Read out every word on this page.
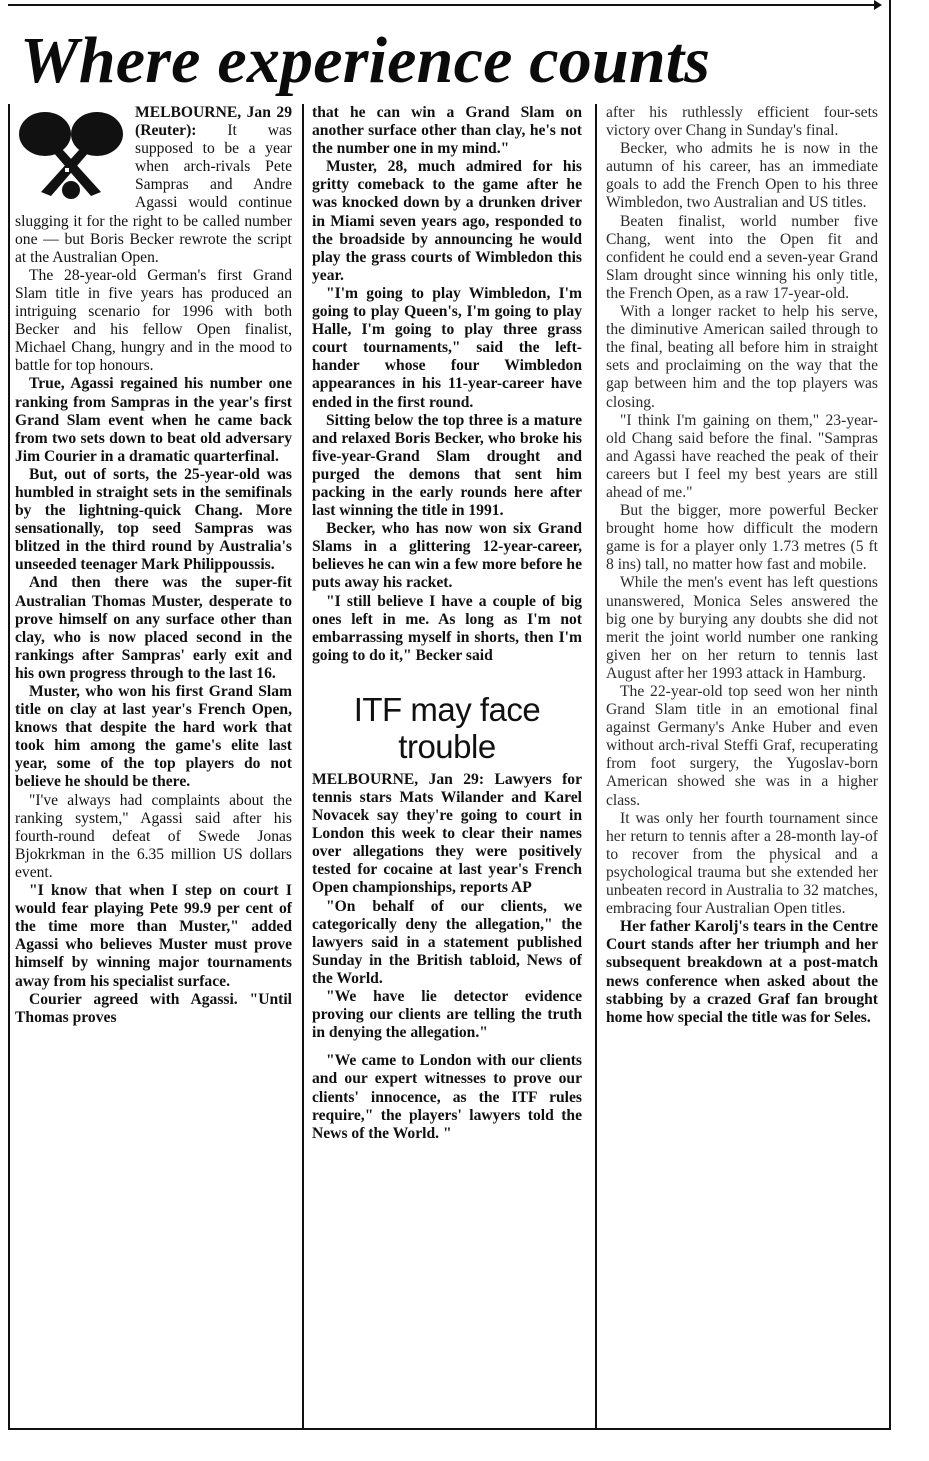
Where experience counts

MELBOURNE, Jan 29 (Reuter): It was supposed to be a year when arch-rivals Pete Sampras and Andre Agassi would continue slugging it for the right to be called number one — but Boris Becker rewrote the script at the Australian Open.

The 28-year-old German's first Grand Slam title in five years has produced an intriguing scenario for 1996 with both Becker and his fellow Open finalist, Michael Chang, hungry and in the mood to battle for top honours.

True, Agassi regained his number one ranking from Sampras in the year's first Grand Slam event when he came back from two sets down to beat old adversary Jim Courier in a dramatic quarterfinal.

But, out of sorts, the 25-year-old was humbled in straight sets in the semifinals by the lightning-quick Chang. More sensationally, top seed Sampras was blitzed in the third round by Australia's unseeded teenager Mark Philippoussis.

And then there was the super-fit Australian Thomas Muster, desperate to prove himself on any surface other than clay, who is now placed second in the rankings after Sampras' early exit and his own progress through to the last 16.

Muster, who won his first Grand Slam title on clay at last year's French Open, knows that despite the hard work that took him among the game's elite last year, some of the top players do not believe he should be there.

"I've always had complaints about the ranking system," Agassi said after his fourth-round defeat of Swede Jonas Bjokrkman in the 6.35 million US dollars event.

"I know that when I step on court I would fear playing Pete 99.9 per cent of the time more than Muster," added Agassi who believes Muster must prove himself by winning major tournaments away from his specialist surface.

Courier agreed with Agassi. "Until Thomas proves

that he can win a Grand Slam on another surface other than clay, he's not the number one in my mind."

Muster, 28, much admired for his gritty comeback to the game after he was knocked down by a drunken driver in Miami seven years ago, responded to the broadside by announcing he would play the grass courts of Wimbledon this year.

"I'm going to play Wimbledon, I'm going to play Queen's, I'm going to play Halle, I'm going to play three grass court tournaments," said the left-hander whose four Wimbledon appearances in his 11-year-career have ended in the first round.

Sitting below the top three is a mature and relaxed Boris Becker, who broke his five-year-Grand Slam drought and purged the demons that sent him packing in the early rounds here after last winning the title in 1991.

Becker, who has now won six Grand Slams in a glittering 12-year-career, believes he can win a few more before he puts away his racket.

"I still believe I have a couple of big ones left in me. As long as I'm not embarrassing myself in shorts, then I'm going to do it," Becker said

ITF may face trouble

MELBOURNE, Jan 29: Lawyers for tennis stars Mats Wilander and Karel Novacek say they're going to court in London this week to clear their names over allegations they were positively tested for cocaine at last year's French Open championships, reports AP

"On behalf of our clients, we categorically deny the allegation," the lawyers said in a statement published Sunday in the British tabloid, News of the World.

"We have lie detector evidence proving our clients are telling the truth in denying the allegation."

"We came to London with our clients and our expert witnesses to prove our clients' innocence, as the ITF rules require," the players' lawyers told the News of the World. "

after his ruthlessly efficient four-sets victory over Chang in Sunday's final.

Becker, who admits he is now in the autumn of his career, has an immediate goals to add the French Open to his three Wimbledon, two Australian and US titles.

Beaten finalist, world number five Chang, went into the Open fit and confident he could end a seven-year Grand Slam drought since winning his only title, the French Open, as a raw 17-year-old.

With a longer racket to help his serve, the diminutive American sailed through to the final, beating all before him in straight sets and proclaiming on the way that the gap between him and the top players was closing.

"I think I'm gaining on them," 23-year-old Chang said before the final. "Sampras and Agassi have reached the peak of their careers but I feel my best years are still ahead of me."

But the bigger, more powerful Becker brought home how difficult the modern game is for a player only 1.73 metres (5 ft 8 ins) tall, no matter how fast and mobile.

While the men's event has left questions unanswered, Monica Seles answered the big one by burying any doubts she did not merit the joint world number one ranking given her on her return to tennis last August after her 1993 attack in Hamburg.

The 22-year-old top seed won her ninth Grand Slam title in an emotional final against Germany's Anke Huber and even without arch-rival Steffi Graf, recuperating from foot surgery, the Yugoslav-born American showed she was in a higher class.

It was only her fourth tournament since her return to tennis after a 28-month lay-of to recover from the physical and a psychological trauma but she extended her unbeaten record in Australia to 32 matches, embracing four Australian Open titles.

Her father Karolj's tears in the Centre Court stands after her triumph and her subsequent breakdown at a post-match news conference when asked about the stabbing by a crazed Graf fan brought home how special the title was for Seles.
